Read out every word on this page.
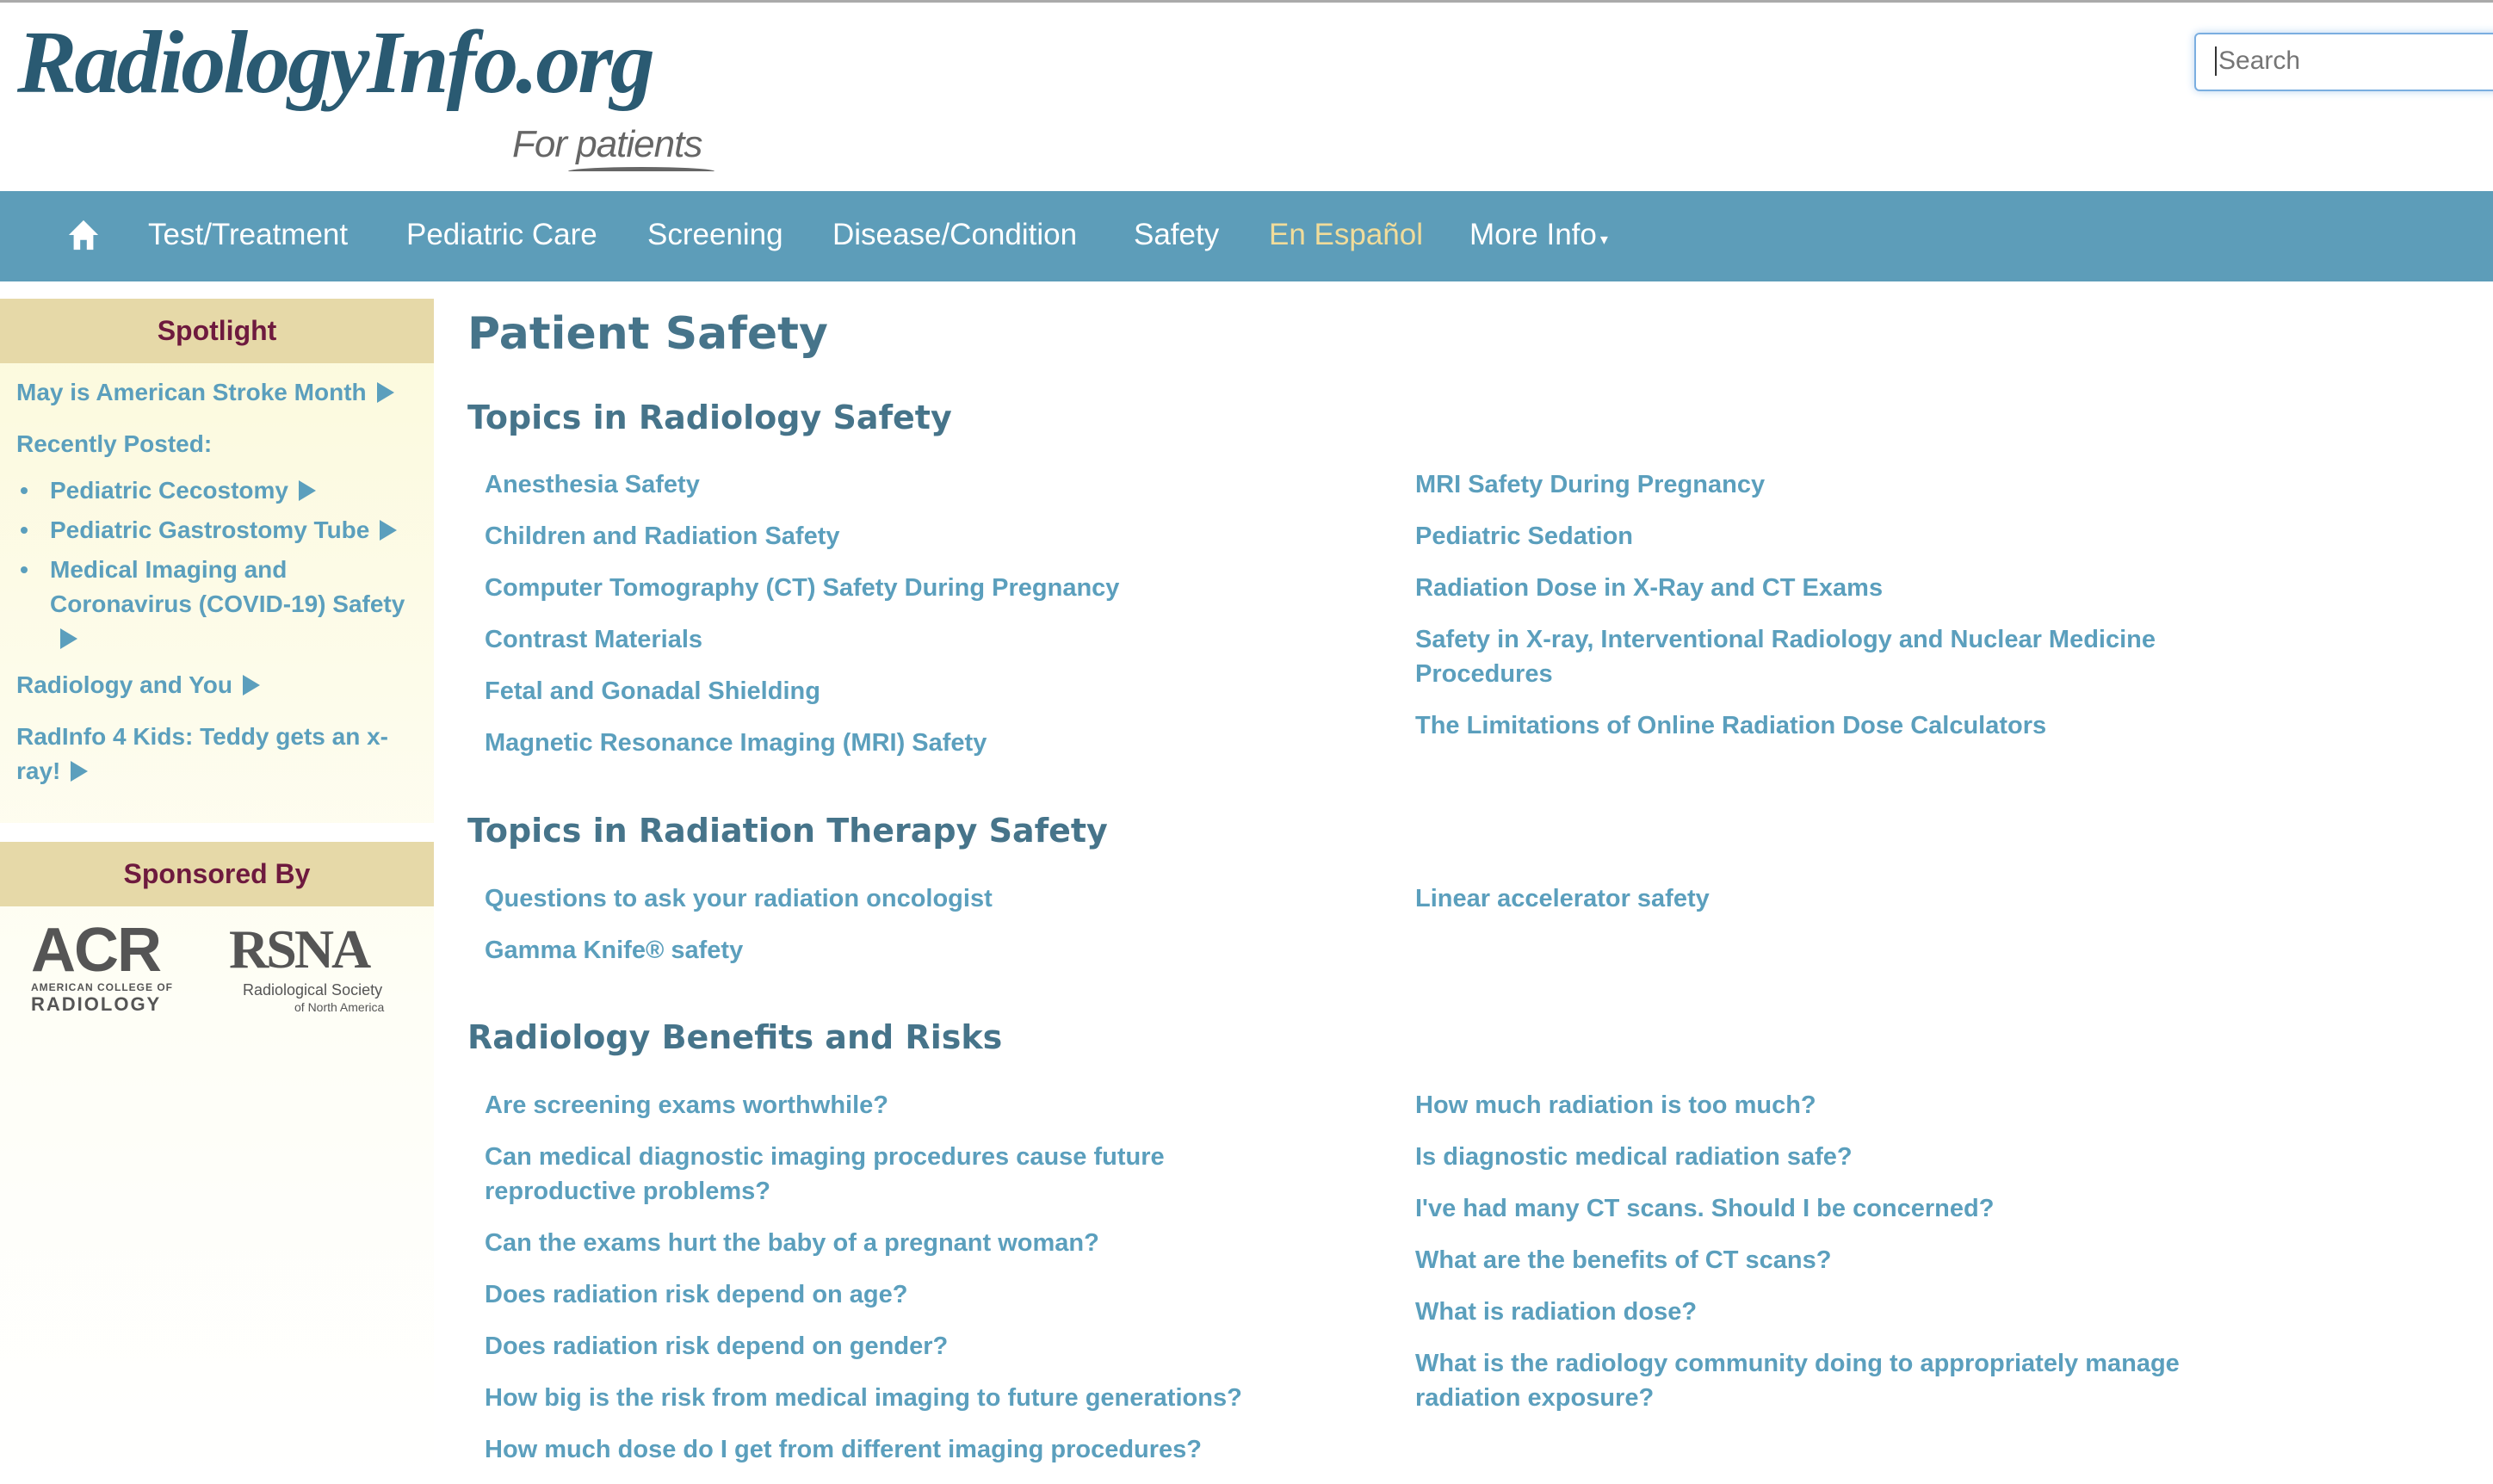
RadiologyInfo.org
For patients
Search
Test/Treatment Pediatric Care Screening Disease/Condition Safety En Español More Info ▾
Spotlight
May is American Stroke Month
Recently Posted:
Pediatric Cecostomy
Pediatric Gastrostomy Tube
Medical Imaging and Coronavirus (COVID-19) Safety
Radiology and You
RadInfo 4 Kids: Teddy gets an x-ray!
Sponsored By
ACR
AMERICAN COLLEGE OF
RADIOLOGY
RSNA
Radiological Society
of North America
Patient Safety
Topics in Radiology Safety
Anesthesia Safety
Children and Radiation Safety
Computer Tomography (CT) Safety During Pregnancy
Contrast Materials
Fetal and Gonadal Shielding
Magnetic Resonance Imaging (MRI) Safety
MRI Safety During Pregnancy
Pediatric Sedation
Radiation Dose in X-Ray and CT Exams
Safety in X-ray, Interventional Radiology and Nuclear Medicine Procedures
The Limitations of Online Radiation Dose Calculators
Topics in Radiation Therapy Safety
Questions to ask your radiation oncologist
Gamma Knife® safety
Linear accelerator safety
Radiology Benefits and Risks
Are screening exams worthwhile?
Can medical diagnostic imaging procedures cause future reproductive problems?
Can the exams hurt the baby of a pregnant woman?
Does radiation risk depend on age?
Does radiation risk depend on gender?
How big is the risk from medical imaging to future generations?
How much dose do I get from different imaging procedures?
How much radiation is too much?
Is diagnostic medical radiation safe?
I've had many CT scans. Should I be concerned?
What are the benefits of CT scans?
What is radiation dose?
What is the radiology community doing to appropriately manage radiation exposure?
